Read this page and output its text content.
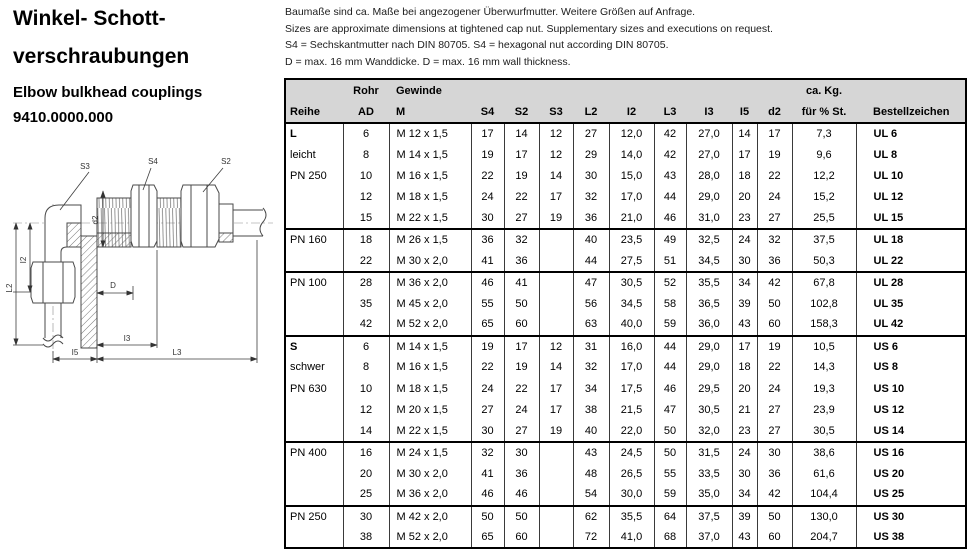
Winkel- Schott-
verschraubungen
Elbow bulkhead couplings
9410.0000.000
Baumaße sind ca. Maße bei angezogener Überwurfmutter. Weitere Größen auf Anfrage.
Sizes are approximate dimensions at tightened cap nut. Supplementary sizes and executions on request.
S4 = Sechskantmutter nach DIN 80705. S4 = hexagonal nut according DIN 80705.
D = max. 16 mm Wanddicke. D = max. 16 mm wall thickness.
S3
S4	S2
d2
I2
L2	D
I3
I5	L3
	Rohr	Gewinde										ca. Kg.	
Reihe	AD	M	S4	S2	S3	L2	I2	L3	I3	I5	d2	für % St.	Bestellzeichen
L	6	M 12 x 1,5	17	14	12	27	12,0	42	27,0	14	17	7,3	UL 6
leicht	8	M 14 x 1,5	19	17	12	29	14,0	42	27,0	17	19	9,6	UL 8
PN 250	10	M 16 x 1,5	22	19	14	30	15,0	43	28,0	18	22	12,2	UL 10
	12	M 18 x 1,5	24	22	17	32	17,0	44	29,0	20	24	15,2	UL 12
	15	M 22 x 1,5	30	27	19	36	21,0	46	31,0	23	27	25,5	UL 15
PN 160	18	M 26 x 1,5	36	32		40	23,5	49	32,5	24	32	37,5	UL 18
	22	M 30 x 2,0	41	36		44	27,5	51	34,5	30	36	50,3	UL 22
PN 100	28	M 36 x 2,0	46	41		47	30,5	52	35,5	34	42	67,8	UL 28
	35	M 45 x 2,0	55	50		56	34,5	58	36,5	39	50	102,8	UL 35
	42	M 52 x 2,0	65	60		63	40,0	59	36,0	43	60	158,3	UL 42
S	6	M 14 x 1,5	19	17	12	31	16,0	44	29,0	17	19	10,5	US 6
schwer	8	M 16 x 1,5	22	19	14	32	17,0	44	29,0	18	22	14,3	US 8
PN 630	10	M 18 x 1,5	24	22	17	34	17,5	46	29,5	20	24	19,3	US 10
	12	M 20 x 1,5	27	24	17	38	21,5	47	30,5	21	27	23,9	US 12
	14	M 22 x 1,5	30	27	19	40	22,0	50	32,0	23	27	30,5	US 14
PN 400	16	M 24 x 1,5	32	30		43	24,5	50	31,5	24	30	38,6	US 16
	20	M 30 x 2,0	41	36		48	26,5	55	33,5	30	36	61,6	US 20
	25	M 36 x 2,0	46	46		54	30,0	59	35,0	34	42	104,4	US 25
PN 250	30	M 42 x 2,0	50	50		62	35,5	64	37,5	39	50	130,0	US 30
	38	M 52 x 2,0	65	60		72	41,0	68	37,0	43	60	204,7	US 38
